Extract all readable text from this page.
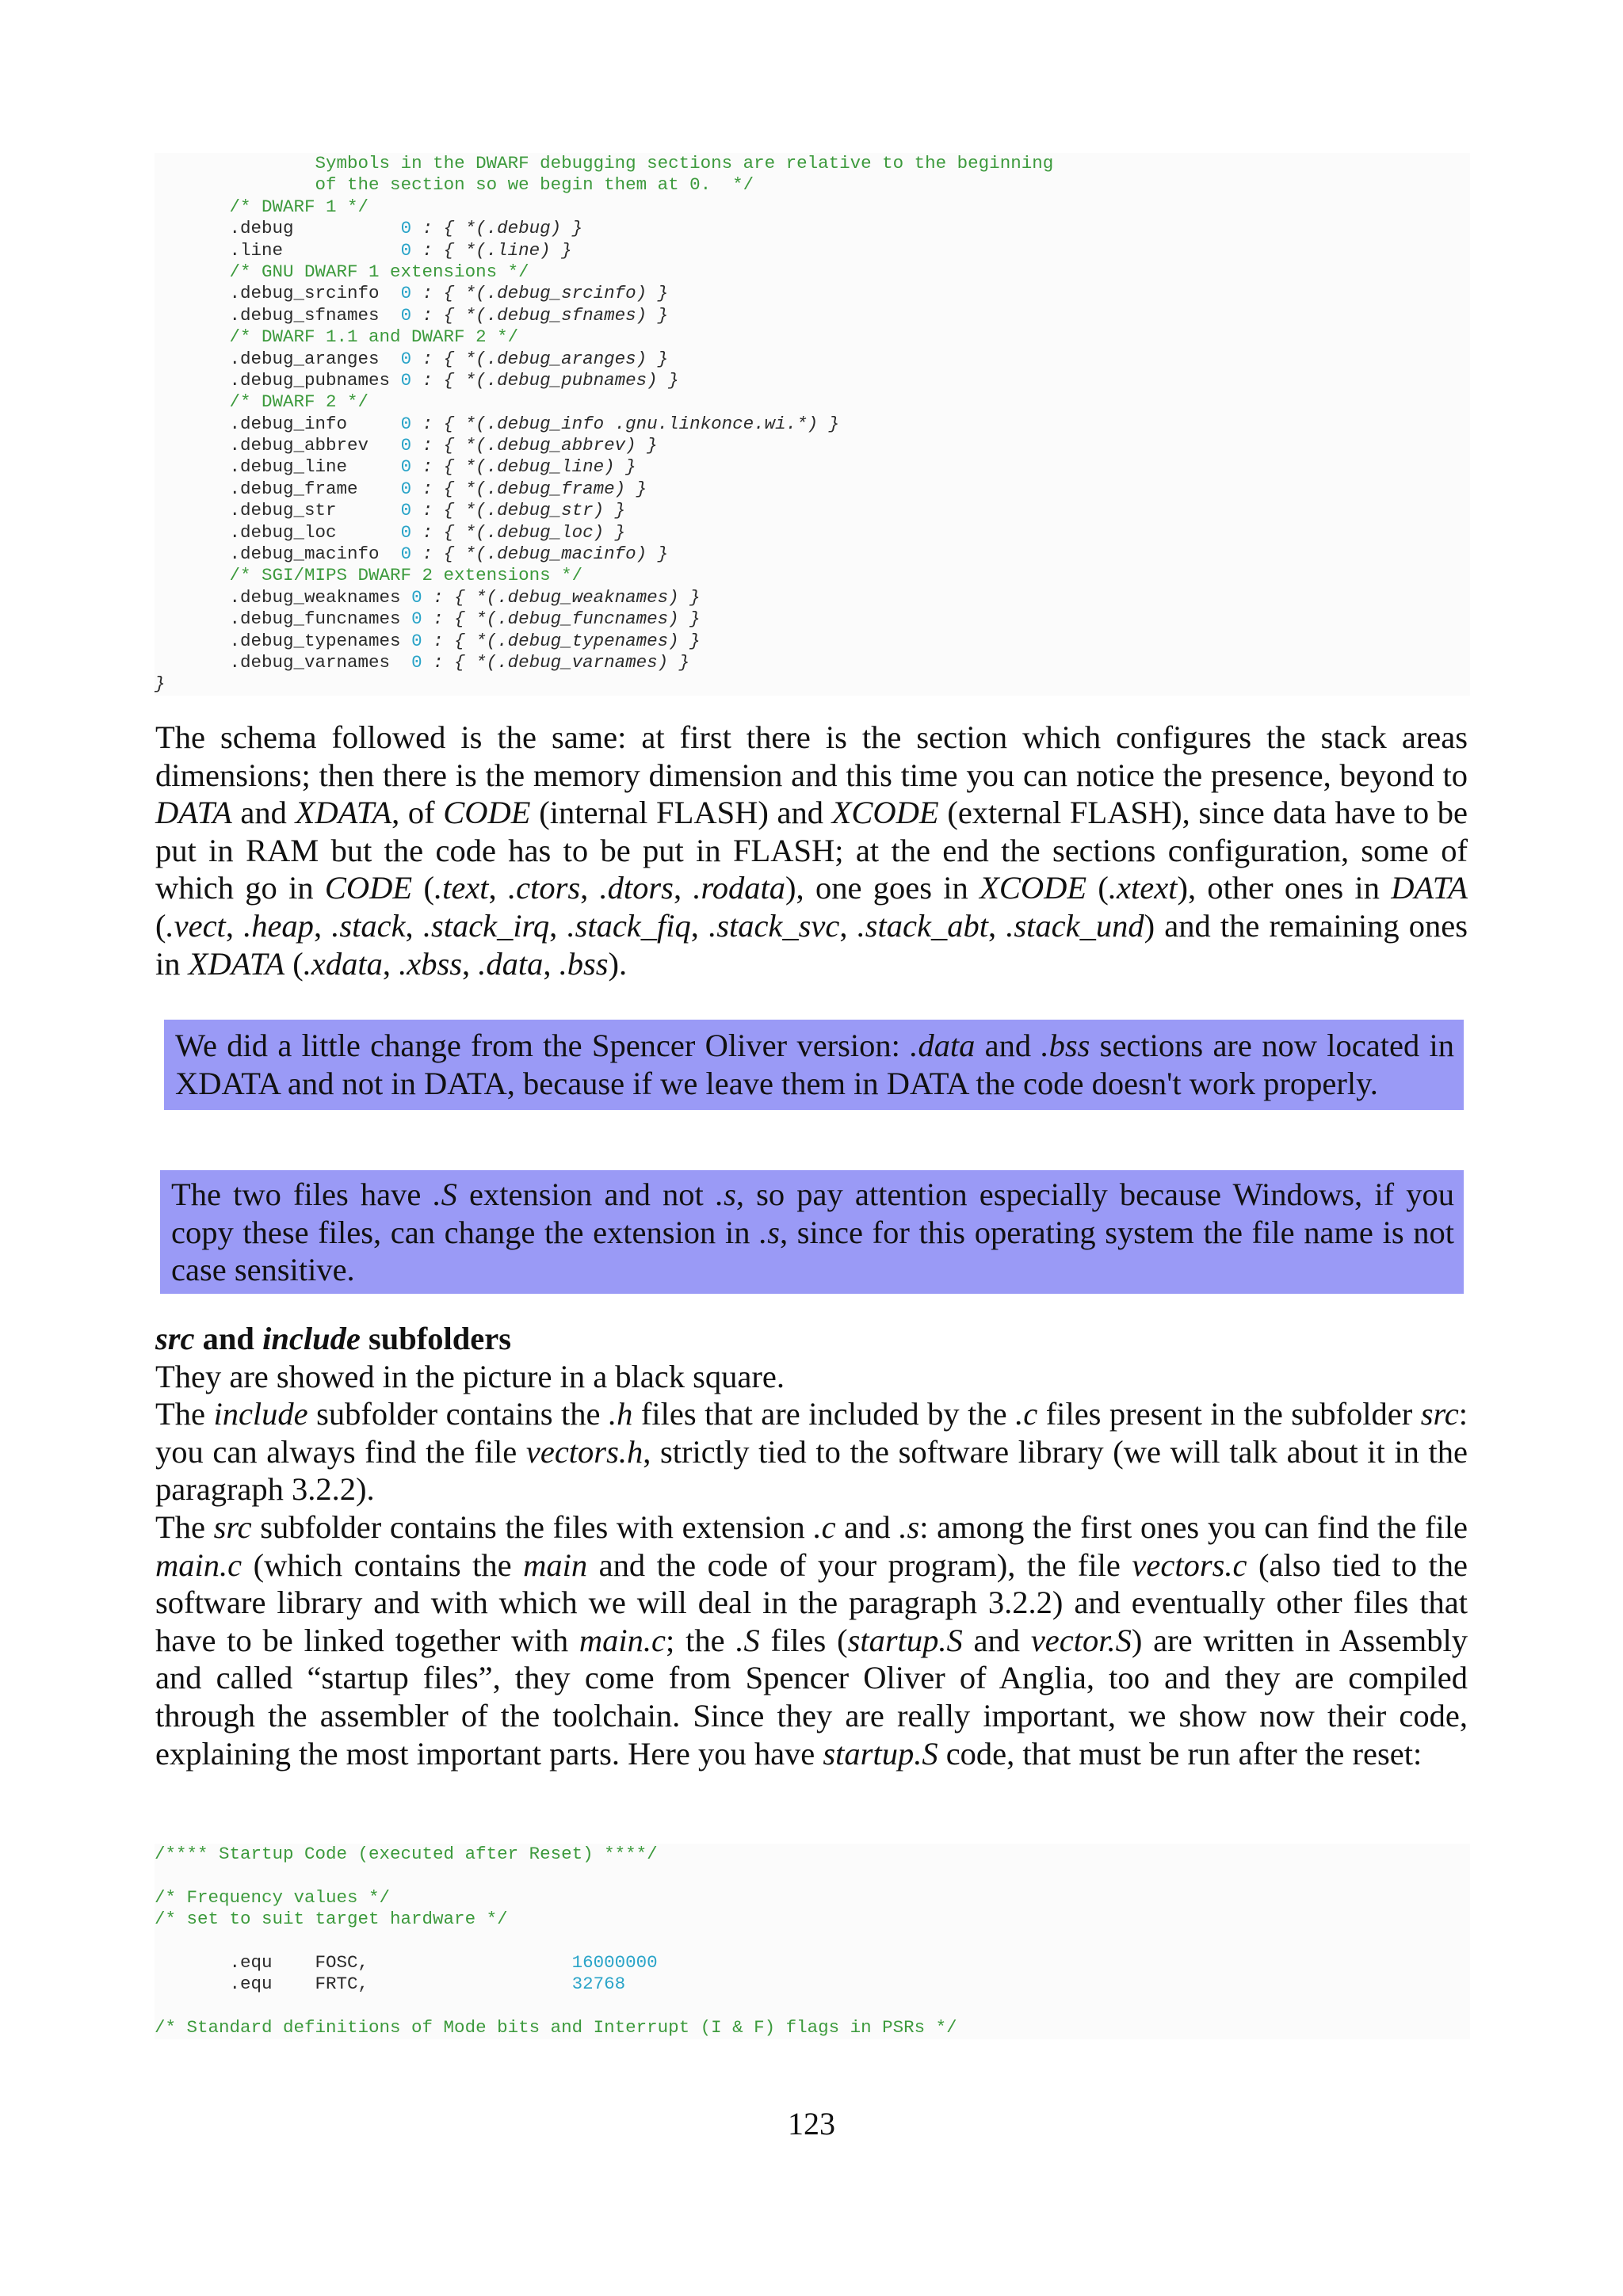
Symbols in the DWARF debugging sections are relative to the beginning
of the section so we begin them at 0.  */
/* DWARF 1 */
.debug          0 : { *(.debug) }
.line           0 : { *(.line) }
/* GNU DWARF 1 extensions */
.debug_srcinfo  0 : { *(.debug_srcinfo) }
.debug_sfnames  0 : { *(.debug_sfnames) }
/* DWARF 1.1 and DWARF 2 */
.debug_aranges  0 : { *(.debug_aranges) }
.debug_pubnames 0 : { *(.debug_pubnames) }
/* DWARF 2 */
.debug_info     0 : { *(.debug_info .gnu.linkonce.wi.*) }
.debug_abbrev   0 : { *(.debug_abbrev) }
.debug_line     0 : { *(.debug_line) }
.debug_frame    0 : { *(.debug_frame) }
.debug_str      0 : { *(.debug_str) }
.debug_loc      0 : { *(.debug_loc) }
.debug_macinfo  0 : { *(.debug_macinfo) }
/* SGI/MIPS DWARF 2 extensions */
.debug_weaknames 0 : { *(.debug_weaknames) }
.debug_funcnames 0 : { *(.debug_funcnames) }
.debug_typenames 0 : { *(.debug_typenames) }
.debug_varnames  0 : { *(.debug_varnames) }
}

The schema followed is the same: at first there is the section which configures the stack areas dimensions; then there is the memory dimension and this time you can notice the presence, beyond to DATA and XDATA, of CODE (internal FLASH) and XCODE (external FLASH), since data have to be put in RAM but the code has to be put in FLASH; at the end the sections configuration, some of which go in CODE (.text, .ctors, .dtors, .rodata), one goes in XCODE (.xtext), other ones in DATA (.vect, .heap, .stack, .stack_irq, .stack_fiq, .stack_svc, .stack_abt, .stack_und) and the remaining ones in XDATA (.xdata, .xbss, .data, .bss).

We did a little change from the Spencer Oliver version: .data and .bss sections are now located in XDATA and not in DATA, because if we leave them in DATA the code doesn't work properly.
The two files have .S extension and not .s, so pay attention especially because Windows, if you copy these files, can change the extension in .s, since for this operating system the file name is not case sensitive.

src and include subfolders

They are showed in the picture in a black square.

The include subfolder contains the .h files that are included by the .c files present in the subfolder src: you can always find the file vectors.h, strictly tied to the software library (we will talk about it in the paragraph 3.2.2).

The src subfolder contains the files with extension .c and .s: among the first ones you can find the file main.c (which contains the main and the code of your program), the file vectors.c (also tied to the software library and with which we will deal in the paragraph 3.2.2) and eventually other files that have to be linked together with main.c; the .S files (startup.S and vector.S) are written in Assembly and called “startup files”, they come from Spencer Oliver of Anglia, too and they are compiled through the assembler of the toolchain. Since they are really important, we show now their code, explaining the most important parts. Here you have startup.S code, that must be run after the reset:

/**** Startup Code (executed after Reset) ****/

/* Frequency values */
/* set to suit target hardware */

.equ    FOSC,                   16000000
.equ    FRTC,                   32768

/* Standard definitions of Mode bits and Interrupt (I & F) flags in PSRs */
123
